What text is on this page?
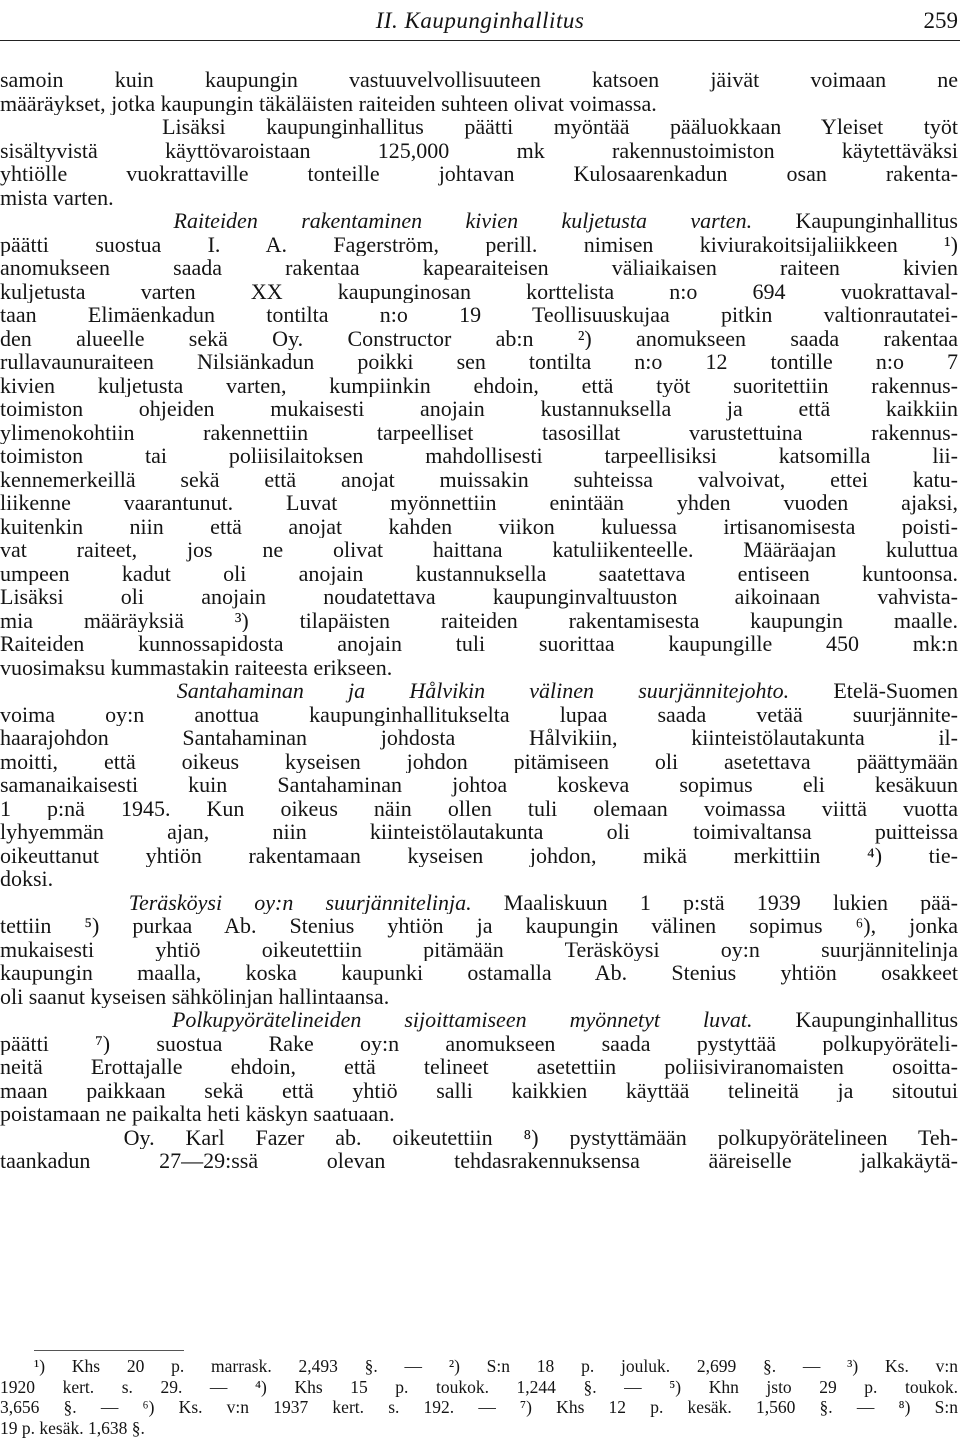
II. Kaupunginhallitus	259
samoin kuin kaupungin vastuuvelvollisuuteen katsoen jäivät voimaan ne
määräykset, jotka kaupungin täkäläisten raiteiden suhteen olivat voimassa.
Lisäksi kaupunginhallitus päätti myöntää pääluokkaan Yleiset työt
sisältyvistä käyttövaroistaan 125,000 mk rakennustoimiston käytettäväksi
yhtiölle vuokrattaville tonteille johtavan Kulosaarenkadun osan rakenta-
mista varten.
Raiteiden rakentaminen kivien kuljetusta varten. Kaupunginhallitus
päätti suostua I. A. Fagerström, perill. nimisen kiviurakoitsijaliikkeen ¹)
anomukseen saada rakentaa kapearaiteisen väliaikaisen raiteen kivien
kuljetusta varten XX kaupunginosan korttelista n:o 694 vuokrattaval-
taan Elimäenkadun tontilta n:o 19 Teollisuuskujaa pitkin valtionrautatei-
den alueelle sekä Oy. Constructor ab:n ²) anomukseen saada rakentaa
rullavaunuraiteen Nilsiänkadun poikki sen tontilta n:o 12 tontille n:o 7
kivien kuljetusta varten, kumpiinkin ehdoin, että työt suoritettiin rakennus-
toimiston ohjeiden mukaisesti anojain kustannuksella ja että kaikkiin
ylimenokohtiin rakennettiin tarpeelliset tasosillat varustettuina rakennus-
toimiston tai poliisilaitoksen mahdollisesti tarpeellisiksi katsomilla lii-
kennemerkeillä sekä että anojat muissakin suhteissa valvoivat, ettei katu-
liikenne vaarantunut. Luvat myönnettiin enintään yhden vuoden ajaksi,
kuitenkin niin että anojat kahden viikon kuluessa irtisanomisesta poisti-
vat raiteet, jos ne olivat haittana katuliikenteelle. Määräajan kuluttua
umpeen kadut oli anojain kustannuksella saatettava entiseen kuntoonsa.
Lisäksi oli anojain noudatettava kaupunginvaltuuston aikoinaan vahvista-
mia määräyksiä ³) tilapäisten raiteiden rakentamisesta kaupungin maalle.
Raiteiden kunnossapidosta anojain tuli suorittaa kaupungille 450 mk:n
vuosimaksu kummastakin raiteesta erikseen.
Santahaminan ja Hålvikin välinen suurjännitejohto. Etelä-Suomen
voima oy:n anottua kaupunginhallitukselta lupaa saada vetää suurjännite-
haarajohdon Santahaminan johdosta Hålvikiin, kiinteistölautakunta il-
moitti, että oikeus kyseisen johdon pitämiseen oli asetettava päättymään
samanaikaisesti kuin Santahaminan johtoa koskeva sopimus eli kesäkuun
1 p:nä 1945. Kun oikeus näin ollen tuli olemaan voimassa viittä vuotta
lyhyemmän ajan, niin kiinteistölautakunta oli toimivaltansa puitteissa
oikeuttanut yhtiön rakentamaan kyseisen johdon, mikä merkittiin ⁴) tie-
doksi.
Teräsköysi oy:n suurjännitelinja. Maaliskuun 1 p:stä 1939 lukien pää-
tettiin ⁵) purkaa Ab. Stenius yhtiön ja kaupungin välinen sopimus ⁶), jonka
mukaisesti yhtiö oikeutettiin pitämään Teräsköysi oy:n suurjännitelinja
kaupungin maalla, koska kaupunki ostamalla Ab. Stenius yhtiön osakkeet
oli saanut kyseisen sähkölinjan hallintaansa.
Polkupyörätelineiden sijoittamiseen myönnetyt luvat. Kaupunginhallitus
päätti ⁷) suostua Rake oy:n anomukseen saada pystyttää polkupyöräteli-
neitä Erottajalle ehdoin, että telineet asetettiin poliisiviranomaisten osoitta-
maan paikkaan sekä että yhtiö salli kaikkien käyttää telineitä ja sitoutui
poistamaan ne paikalta heti käskyn saatuaan.
Oy. Karl Fazer ab. oikeutettiin ⁸) pystyttämään polkupyörätelineen Teh-
taankadun 27—29:ssä olevan tehdasrakennuksensa ääreiselle jalkakäytä-
¹) Khs 20 p. marrask. 2,493 §. — ²) S:n 18 p. jouluk. 2,699 §. — ³) Ks. v:n
1920 kert. s. 29. — ⁴) Khs 15 p. toukok. 1,244 §. — ⁵) Khn jsto 29 p. toukok.
3,656 §. — ⁶) Ks. v:n 1937 kert. s. 192. — ⁷) Khs 12 p. kesäk. 1,560 §. — ⁸) S:n
19 p. kesäk. 1,638 §.
